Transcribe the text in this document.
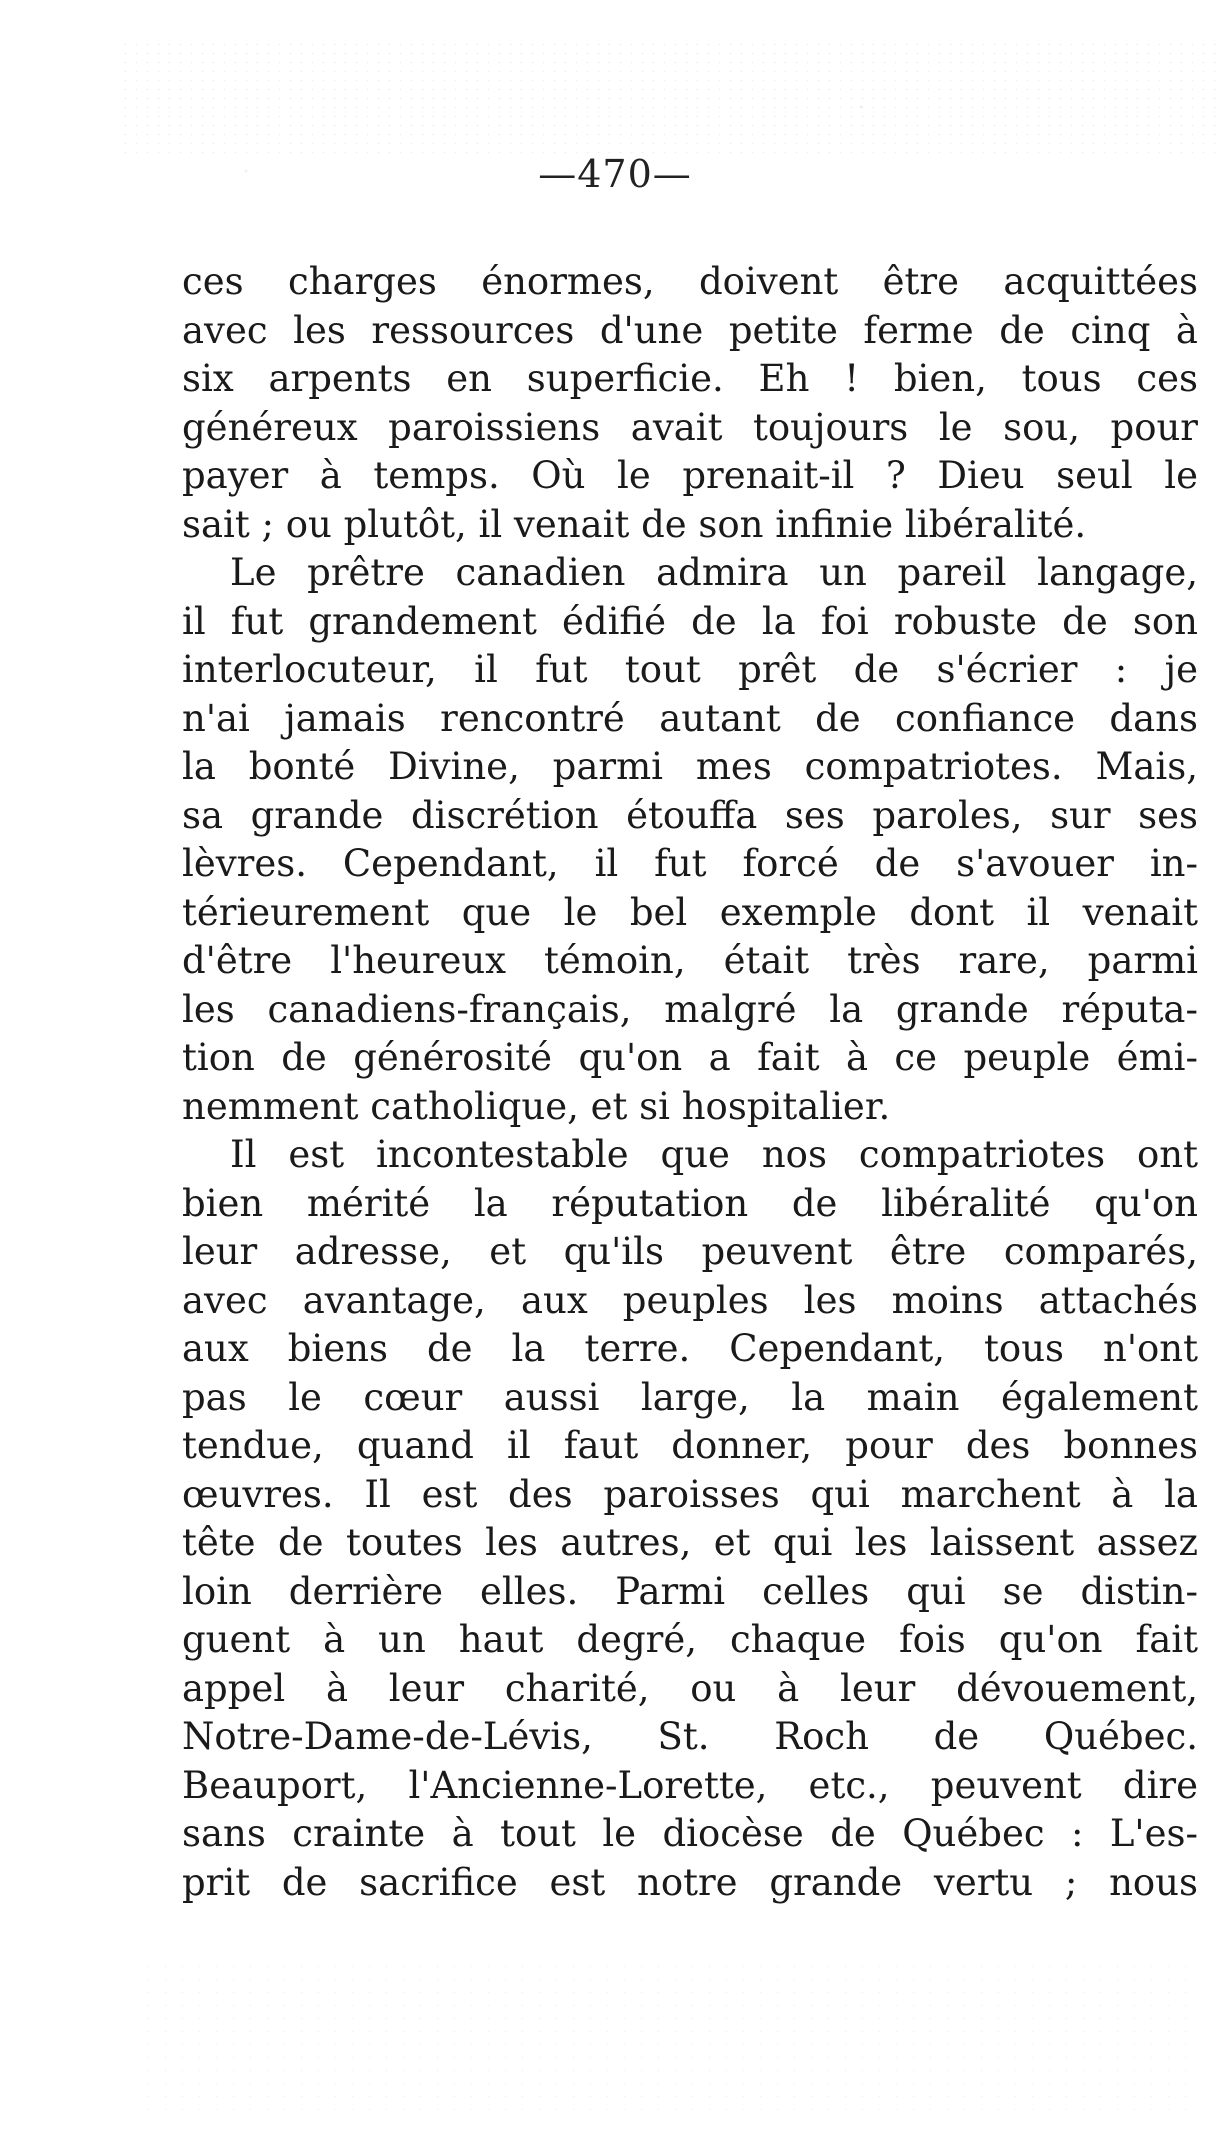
—470—
ces charges énormes, doivent être acquittées
avec les ressources d'une petite ferme de cinq à
six arpents en superficie. Eh ! bien, tous ces
généreux paroissiens avait toujours le sou, pour
payer à temps. Où le prenait-il ? Dieu seul le
sait ; ou plutôt, il venait de son infinie libéralité.
Le prêtre canadien admira un pareil langage,
il fut grandement édifié de la foi robuste de son
interlocuteur, il fut tout prêt de s'écrier : je
n'ai jamais rencontré autant de confiance dans
la bonté Divine, parmi mes compatriotes. Mais,
sa grande discrétion étouffa ses paroles, sur ses
lèvres. Cependant, il fut forcé de s'avouer in-
térieurement que le bel exemple dont il venait
d'être l'heureux témoin, était très rare, parmi
les canadiens-français, malgré la grande réputa-
tion de générosité qu'on a fait à ce peuple émi-
nemment catholique, et si hospitalier.
Il est incontestable que nos compatriotes ont
bien mérité la réputation de libéralité qu'on
leur adresse, et qu'ils peuvent être comparés,
avec avantage, aux peuples les moins attachés
aux biens de la terre. Cependant, tous n'ont
pas le cœur aussi large, la main également
tendue, quand il faut donner, pour des bonnes
œuvres. Il est des paroisses qui marchent à la
tête de toutes les autres, et qui les laissent assez
loin derrière elles. Parmi celles qui se distin-
guent à un haut degré, chaque fois qu'on fait
appel à leur charité, ou à leur dévouement,
Notre-Dame-de-Lévis, St. Roch de Québec.
Beauport, l'Ancienne-Lorette, etc., peuvent dire
sans crainte à tout le diocèse de Québec : L'es-
prit de sacrifice est notre grande vertu ; nous
